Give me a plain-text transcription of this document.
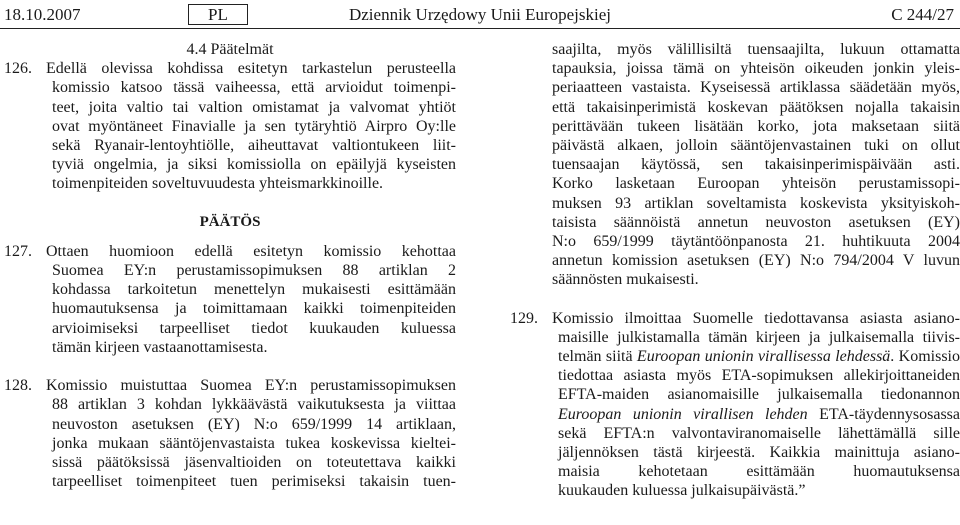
Dziennik Urzędowy Unii Europejskiej
18.10.2007	PL	C 244/27
4.4 Päätelmät
126. Edellä olevissa kohdissa esitetyn tarkastelun perusteella
komissio katsoo tässä vaiheessa, että arvioidut toimenpi-
teet, joita valtio tai valtion omistamat ja valvomat yhtiöt
ovat myöntäneet Finavialle ja sen tytäryhtiö Airpro Oy:lle
sekä Ryanair-lentoyhtiölle, aiheuttavat valtiontukeen liit-
tyviä ongelmia, ja siksi komissiolla on epäilyjä kyseisten
toimenpiteiden soveltuvuudesta yhteismarkkinoille.
PÄÄTÖS
127. Ottaen huomioon edellä esitetyn komissio kehottaa
Suomea EY:n perustamissopimuksen 88 artiklan 2
kohdassa tarkoitetun menettelyn mukaisesti esittämään
huomautuksensa ja toimittamaan kaikki toimenpiteiden
arvioimiseksi tarpeelliset tiedot kuukauden kuluessa
tämän kirjeen vastaanottamisesta.
128. Komissio muistuttaa Suomea EY:n perustamissopimuksen
88 artiklan 3 kohdan lykkäävästä vaikutuksesta ja viittaa
neuvoston asetuksen (EY) N:o 659/1999 14 artiklaan,
jonka mukaan sääntöjenvastaista tukea koskevissa kieltei-
sissä päätöksissä jäsenvaltioiden on toteutettava kaikki
tarpeelliset toimenpiteet tuen perimiseksi takaisin tuen-
saajilta, myös välillisiltä tuensaajilta, lukuun ottamatta
tapauksia, joissa tämä on yhteisön oikeuden jonkin yleis-
periaatteen vastaista. Kyseisessä artiklassa säädetään myös,
että takaisinperimistä koskevan päätöksen nojalla takaisin
perittävään tukeen lisätään korko, jota maksetaan siitä
päivästä alkaen, jolloin sääntöjenvastainen tuki on ollut
tuensaajan käytössä, sen takaisinperimispäivään asti.
Korko lasketaan Euroopan yhteisön perustamissopi-
muksen 93 artiklan soveltamista koskevista yksityiskoh-
taisista säännöistä annetun neuvoston asetuksen (EY)
N:o 659/1999 täytäntöönpanosta 21. huhtikuuta 2004
annetun komission asetuksen (EY) N:o 794/2004 V luvun
säännösten mukaisesti.
129. Komissio ilmoittaa Suomelle tiedottavansa asiasta asiano-
maisille julkistamalla tämän kirjeen ja julkaisemalla tiivis-
telmän siitä Euroopan unionin virallisessa lehdessä. Komissio
tiedottaa asiasta myös ETA-sopimuksen allekirjoittaneiden
EFTA-maiden asianomaisille julkaisemalla tiedonannon
Euroopan unionin virallisen lehden ETA-täydennysosassa
sekä EFTA:n valvontaviranomaiselle lähettämällä sille
jäljennöksen tästä kirjeestä. Kaikkia mainittuja asiano-
maisia kehotetaan esittämään huomautuksensa
kuukauden kuluessa julkaisupäivästä.”
